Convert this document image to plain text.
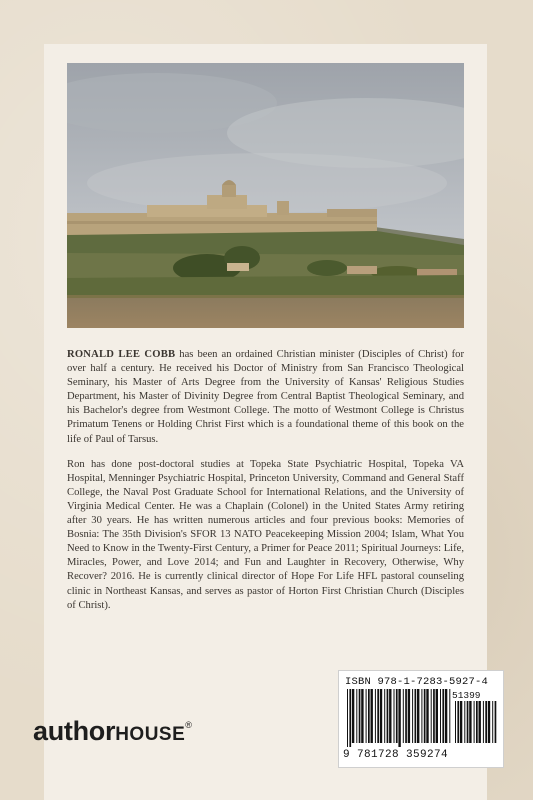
RONALD LEE COBB has been an ordained Christian minister (Disciples of Christ) for over half a century. He received his Doctor of Ministry from San Francisco Theological Seminary, his Master of Arts Degree from the University of Kansas' Religious Studies Department, his Master of Divinity Degree from Central Baptist Theological Seminary, and his Bachelor's degree from Westmont College. The motto of Westmont College is Christus Primatum Tenens or Holding Christ First which is a foundational theme of this book on the life of Paul of Tarsus.

Ron has done post-doctoral studies at Topeka State Psychiatric Hospital, Topeka VA Hospital, Menninger Psychiatric Hospital, Princeton University, Command and General Staff College, the Naval Post Graduate School for International Relations, and the University of Virginia Medical Center. He was a Chaplain (Colonel) in the United States Army retiring after 30 years. He has written numerous articles and four previous books: Memories of Bosnia: The 35th Division's SFOR 13 NATO Peacekeeping Mission 2004; Islam, What You Need to Know in the Twenty-First Century, a Primer for Peace 2011; Spiritual Journeys: Life, Miracles, Power, and Love 2014; and Fun and Laughter in Recovery, Otherwise, Why Recover? 2016. He is currently clinical director of Hope For Life HFL pastoral counseling clinic in Northeast Kansas, and serves as pastor of Horton First Christian Church (Disciples of Christ).

authorHOUSE®
ISBN 978-1-7283-5927-4
51399
9 781728 359274
